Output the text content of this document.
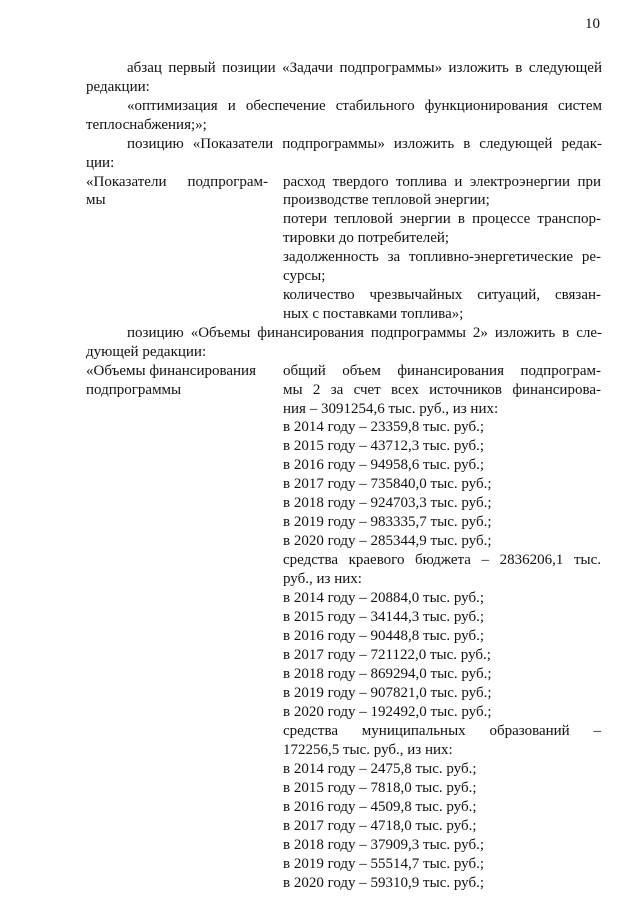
10
абзац первый позиции «Задачи подпрограммы» изложить в следующей
редакции:
«оптимизация и обеспечение стабильного функционирования систем
теплоснабжения;»;
позицию «Показатели подпрограммы» изложить в следующей редак-
ции:
«Показатели подпрограм-
мы
расход твердого топлива и электроэнергии при
производстве тепловой энергии;
потери тепловой энергии в процессе транспор-
тировки до потребителей;
задолженность за топливно-энергетические ре-
сурсы;
количество чрезвычайных ситуаций, связан-
ных с поставками топлива»;
позицию «Объемы финансирования подпрограммы 2» изложить в сле-
дующей редакции:
«Объемы финансирования
подпрограммы
общий объем финансирования подпрограм-
мы 2 за счет всех источников финансирова-
ния – 3091254,6 тыс. руб., из них:
в 2014 году – 23359,8 тыс. руб.;
в 2015 году – 43712,3 тыс. руб.;
в 2016 году – 94958,6 тыс. руб.;
в 2017 году – 735840,0 тыс. руб.;
в 2018 году – 924703,3 тыс. руб.;
в 2019 году – 983335,7 тыс. руб.;
в 2020 году – 285344,9 тыс. руб.;
средства краевого бюджета – 2836206,1 тыс.
руб., из них:
в 2014 году – 20884,0 тыс. руб.;
в 2015 году – 34144,3 тыс. руб.;
в 2016 году – 90448,8 тыс. руб.;
в 2017 году – 721122,0 тыс. руб.;
в 2018 году – 869294,0 тыс. руб.;
в 2019 году – 907821,0 тыс. руб.;
в 2020 году – 192492,0 тыс. руб.;
средства муниципальных образований –
172256,5 тыс. руб., из них:
в 2014 году – 2475,8 тыс. руб.;
в 2015 году – 7818,0 тыс. руб.;
в 2016 году – 4509,8 тыс. руб.;
в 2017 году – 4718,0 тыс. руб.;
в 2018 году – 37909,3 тыс. руб.;
в 2019 году – 55514,7 тыс. руб.;
в 2020 году – 59310,9 тыс. руб.;
